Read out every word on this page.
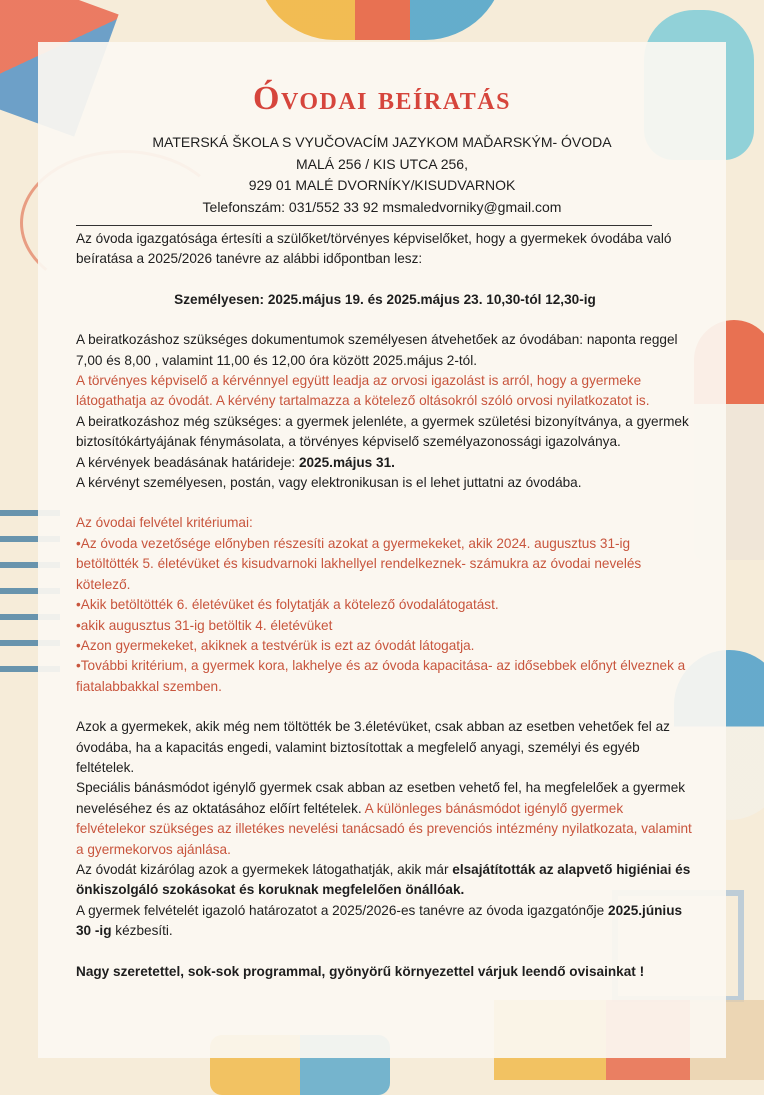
Óvodai beíratás
MATERSKÁ ŠKOLA S VYUČOVACÍM JAZYKOM MAĎARSKÝM- ÓVODA
MALÁ 256 / KIS UTCA 256,
929 01 MALÉ DVORNÍKY/KISUDVARNOK
Telefonszám: 031/552 33 92 msmaledvorniky@gmail.com

Az óvoda igazgatósága értesíti a szülőket/törvényes képviselőket, hogy a gyermekek óvodába való beíratása a 2025/2026 tanévre az alábbi időpontban lesz:

Személyesen: 2025.május 19. és 2025.május 23. 10,30-tól 12,30-ig

A beiratkozáshoz szükséges dokumentumok személyesen átvehetőek az óvodában: naponta reggel 7,00 és 8,00 , valamint 11,00 és 12,00 óra között 2025.május 2-tól.

A törvényes képviselő a kérvénnyel együtt leadja az orvosi igazolást is arról, hogy a gyermeke látogathatja az óvodát. A kérvény tartalmazza a kötelező oltásokról szóló orvosi nyilatkozatot is.

A beiratkozáshoz még szükséges: a gyermek jelenléte, a gyermek születési bizonyítványa, a gyermek biztosítókártyájának fénymásolata, a törvényes képviselő személyazonossági igazolványa.

A kérvények beadásának határideje: 2025.május 31.

A kérvényt személyesen, postán, vagy elektronikusan is el lehet juttatni az óvodába.

Az óvodai felvétel kritériumai:

•Az óvoda vezetősége előnyben részesíti azokat a gyermekeket, akik 2024. augusztus 31-ig betöltötték 5. életévüket és kisudvarnoki lakhellyel rendelkeznek- számukra az óvodai nevelés kötelező.

•Akik betöltötték 6. életévüket és folytatják a kötelező óvodalátogatást.

•akik augusztus 31-ig betöltik 4. életévüket

•Azon gyermekeket, akiknek a testvérük is ezt az óvodát látogatja.

•További kritérium, a gyermek kora, lakhelye és az óvoda kapacitása- az idősebbek előnyt élveznek a fiatalabbakkal szemben.

Azok a gyermekek, akik még nem töltötték be 3.életévüket, csak abban az esetben vehetőek fel az óvodába, ha a kapacitás engedi, valamint biztosítottak a megfelelő anyagi, személyi és egyéb feltételek.

Speciális bánásmódot igénylő gyermek csak abban az esetben vehető fel, ha megfelelőek a gyermek neveléséhez és az oktatásához előírt feltételek. A különleges bánásmódot igénylő gyermek felvételekor szükséges az illetékes nevelési tanácsadó és prevenciós intézmény nyilatkozata, valamint a gyermekorvos ajánlása.

Az óvodát kizárólag azok a gyermekek látogathatják, akik már elsajátították az alapvető higiéniai és önkiszolgáló szokásokat és koruknak megfelelően önállóak.

A gyermek felvételét igazoló határozatot a 2025/2026-es tanévre az óvoda igazgatónője 2025.június 30 -ig kézbesíti.

Nagy szeretettel, sok-sok programmal, gyönyörű környezettel várjuk leendő ovisainkat !
